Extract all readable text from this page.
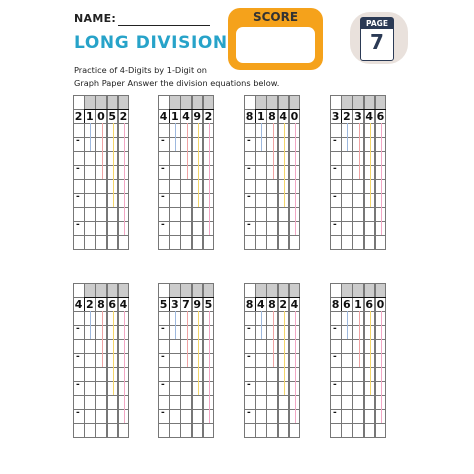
NAME:
LONG DIVISION
SCORE	PAGE
7
Practice of 4-Digits by 1-Digit on
Graph Paper Answer the division equations below.
2 1 0 5 2
-
-
-
-
4 1 4 9 2
-
-
-
-
8 1 8 4 0
-
-
-
-
3 2 3 4 6
-
-
-
-
4 2 8 6 4
-
-
-
-
5 3 7 9 5
-
-
-
-
8 4 8 2 4
-
-
-
-
8 6 1 6 0
-
-
-
-
